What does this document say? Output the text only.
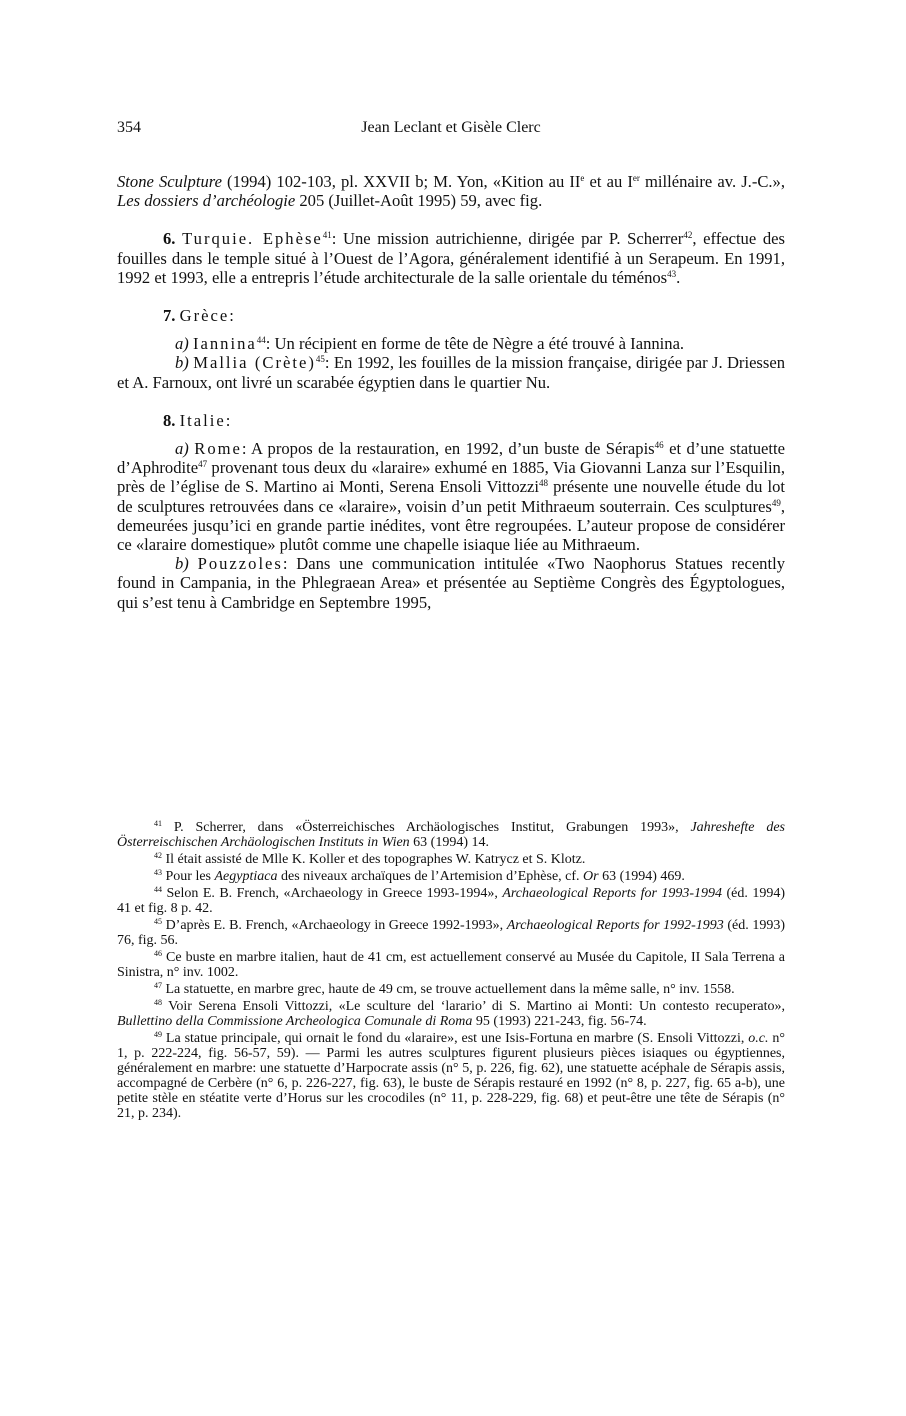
354	Jean Leclant et Gisèle Clerc

Stone Sculpture (1994) 102-103, pl. XXVII b; M. Yon, «Kition au IIe et au Ier millénaire av. J.-C.», Les dossiers d’archéologie 205 (Juillet-Août 1995) 59, avec fig.

6. Turquie. Ephèse$^{41}$: Une mission autrichienne, dirigée par P. Scherrer$^{42}$, effectue des fouilles dans le temple situé à l’Ouest de l’Agora, généralement identifié à un Serapeum. En 1991, 1992 et 1993, elle a entrepris l’étude architecturale de la salle orientale du téménos$^{43}$.

7. Grèce:

a) Iannina$^{44}$: Un récipient en forme de tête de Nègre a été trouvé à Iannina.

b) Mallia (Crète)$^{45}$: En 1992, les fouilles de la mission française, dirigée par J. Driessen et A. Farnoux, ont livré un scarabée égyptien dans le quartier Nu.

8. Italie:

a) Rome: A propos de la restauration, en 1992, d’un buste de Sérapis$^{46}$ et d’une statuette d’Aphrodite$^{47}$ provenant tous deux du «laraire» exhumé en 1885, Via Giovanni Lanza sur l’Esquilin, près de l’église de S. Martino ai Monti, Serena Ensoli Vittozzi$^{48}$ présente une nouvelle étude du lot de sculptures retrouvées dans ce «laraire», voisin d’un petit Mithraeum souterrain. Ces sculptures$^{49}$, demeurées jusqu’ici en grande partie inédites, vont être regroupées. L’auteur propose de considérer ce «laraire domestique» plutôt comme une chapelle isiaque liée au Mithraeum.

b) Pouzzoles: Dans une communication intitulée «Two Naophorus Statues recently found in Campania, in the Phlegraean Area» et présentée au Septième Congrès des Égyptologues, qui s’est tenu à Cambridge en Septembre 1995,

$^{41}$ P. Scherrer, dans «Österreichisches Archäologisches Institut, Grabungen 1993», Jahreshefte des Österreischischen Archäologischen Instituts in Wien 63 (1994) 14.

$^{42}$ Il était assisté de Mlle K. Koller et des topographes W. Katrycz et S. Klotz.

$^{43}$ Pour les Aegyptiaca des niveaux archaïques de l’Artemision d’Ephèse, cf. Or 63 (1994) 469.

$^{44}$ Selon E. B. French, «Archaeology in Greece 1993-1994», Archaeological Reports for 1993-1994 (éd. 1994) 41 et fig. 8 p. 42.

$^{45}$ D’après E. B. French, «Archaeology in Greece 1992-1993», Archaeological Reports for 1992-1993 (éd. 1993) 76, fig. 56.

$^{46}$ Ce buste en marbre italien, haut de 41 cm, est actuellement conservé au Musée du Capitole, II Sala Terrena a Sinistra, n° inv. 1002.

$^{47}$ La statuette, en marbre grec, haute de 49 cm, se trouve actuellement dans la même salle, n° inv. 1558.

$^{48}$ Voir Serena Ensoli Vittozzi, «Le sculture del ‘larario’ di S. Martino ai Monti: Un contesto recuperato», Bullettino della Commissione Archeologica Comunale di Roma 95 (1993) 221-243, fig. 56-74.

$^{49}$ La statue principale, qui ornait le fond du «laraire», est une Isis-Fortuna en marbre (S. Ensoli Vittozzi, o.c. n° 1, p. 222-224, fig. 56-57, 59). — Parmi les autres sculptures figurent plusieurs pièces isiaques ou égyptiennes, généralement en marbre: une statuette d’Harpocrate assis (n° 5, p. 226, fig. 62), une statuette acéphale de Sérapis assis, accompagné de Cerbère (n° 6, p. 226-227, fig. 63), le buste de Sérapis restauré en 1992 (n° 8, p. 227, fig. 65 a-b), une petite stèle en stéatite verte d’Horus sur les crocodiles (n° 11, p. 228-229, fig. 68) et peut-être une tête de Sérapis (n° 21, p. 234).
